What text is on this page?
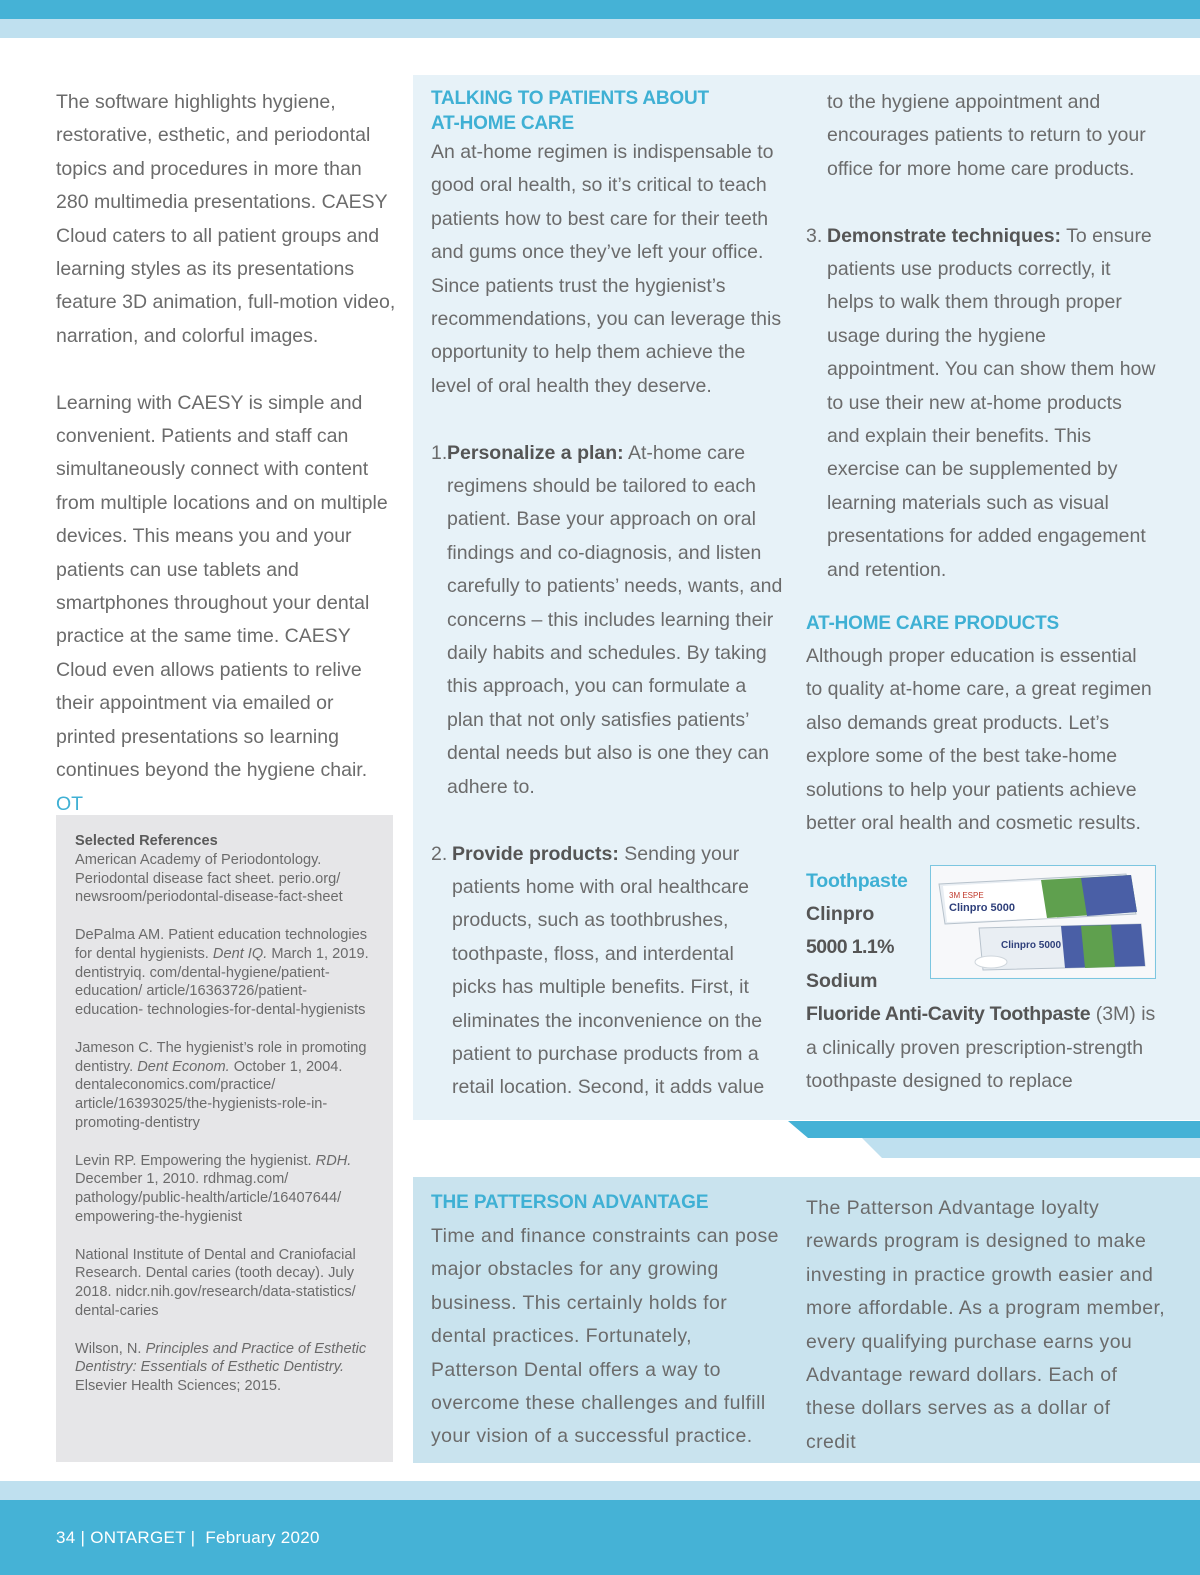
The software highlights hygiene, restorative, esthetic, and periodontal topics and procedures in more than 280 multimedia presentations. CAESY Cloud caters to all patient groups and learning styles as its presentations feature 3D animation, full-motion video, narration, and colorful images.

Learning with CAESY is simple and convenient. Patients and staff can simultaneously connect with content from multiple locations and on multiple devices. This means you and your patients can use tablets and smartphones throughout your dental practice at the same time. CAESY Cloud even allows patients to relive their appointment via emailed or printed presentations so learning continues beyond the hygiene chair. OT

Selected References
American Academy of Periodontology. Periodontal disease fact sheet. perio.org/ newsroom/periodontal-disease-fact-sheet
DePalma AM. Patient education technologies for dental hygienists. Dent IQ. March 1, 2019. dentistryiq. com/dental-hygiene/patient-education/ article/16363726/patient-education- technologies-for-dental-hygienists
Jameson C. The hygienist’s role in promoting dentistry. Dent Econom. October 1, 2004. dentaleconomics.com/practice/ article/16393025/the-hygienists-role-in- promoting-dentistry
Levin RP. Empowering the hygienist. RDH. December 1, 2010. rdhmag.com/ pathology/public-health/article/16407644/ empowering-the-hygienist
National Institute of Dental and Craniofacial Research. Dental caries (tooth decay). July 2018. nidcr.nih.gov/research/data-statistics/ dental-caries
Wilson, N. Principles and Practice of Esthetic Dentistry: Essentials of Esthetic Dentistry. Elsevier Health Sciences; 2015.
TALKING TO PATIENTS ABOUT
AT-HOME CARE

An at-home regimen is indispensable to good oral health, so it’s critical to teach patients how to best care for their teeth and gums once they’ve left your office. Since patients trust the hygienist’s recommendations, you can leverage this opportunity to help them achieve the level of oral health they deserve.

1. Personalize a plan: At-home care regimens should be tailored to each patient. Base your approach on oral findings and co-diagnosis, and listen carefully to patients’ needs, wants, and concerns – this includes learning their daily habits and schedules. By taking this approach, you can formulate a plan that not only satisfies patients’ dental needs but also is one they can adhere to.
2. Provide products: Sending your patients home with oral healthcare products, such as toothbrushes, toothpaste, floss, and interdental picks has multiple benefits. First, it eliminates the inconvenience on the patient to purchase products from a retail location. Second, it adds value
to the hygiene appointment and encourages patients to return to your office for more home care products.
3. Demonstrate techniques: To ensure patients use products correctly, it helps to walk them through proper usage during the hygiene appointment. You can show them how to use their new at-home products and explain their benefits. This exercise can be supplemented by learning materials such as visual presentations for added engagement and retention.
AT-HOME CARE PRODUCTS

Although proper education is essential to quality at-home care, a great regimen also demands great products. Let’s explore some of the best take-home solutions to help your patients achieve better oral health and cosmetic results.

3M ESPE
Clinpro 5000
Clinpro 5000
Toothpaste
Clinpro
5000 1.1%
Sodium
Fluoride Anti-Cavity Toothpaste (3M) is

a clinically proven prescription-strength toothpaste designed to replace

THE PATTERSON ADVANTAGE

Time and finance constraints can pose major obstacles for any growing business. This certainly holds for dental practices. Fortunately, Patterson Dental offers a way to overcome these challenges and fulfill your vision of a successful practice.

The Patterson Advantage loyalty rewards program is designed to make investing in practice growth easier and more affordable. As a program member, every qualifying purchase earns you Advantage reward dollars. Each of these dollars serves as a dollar of credit

34 | ONTARGET |  February 2020
